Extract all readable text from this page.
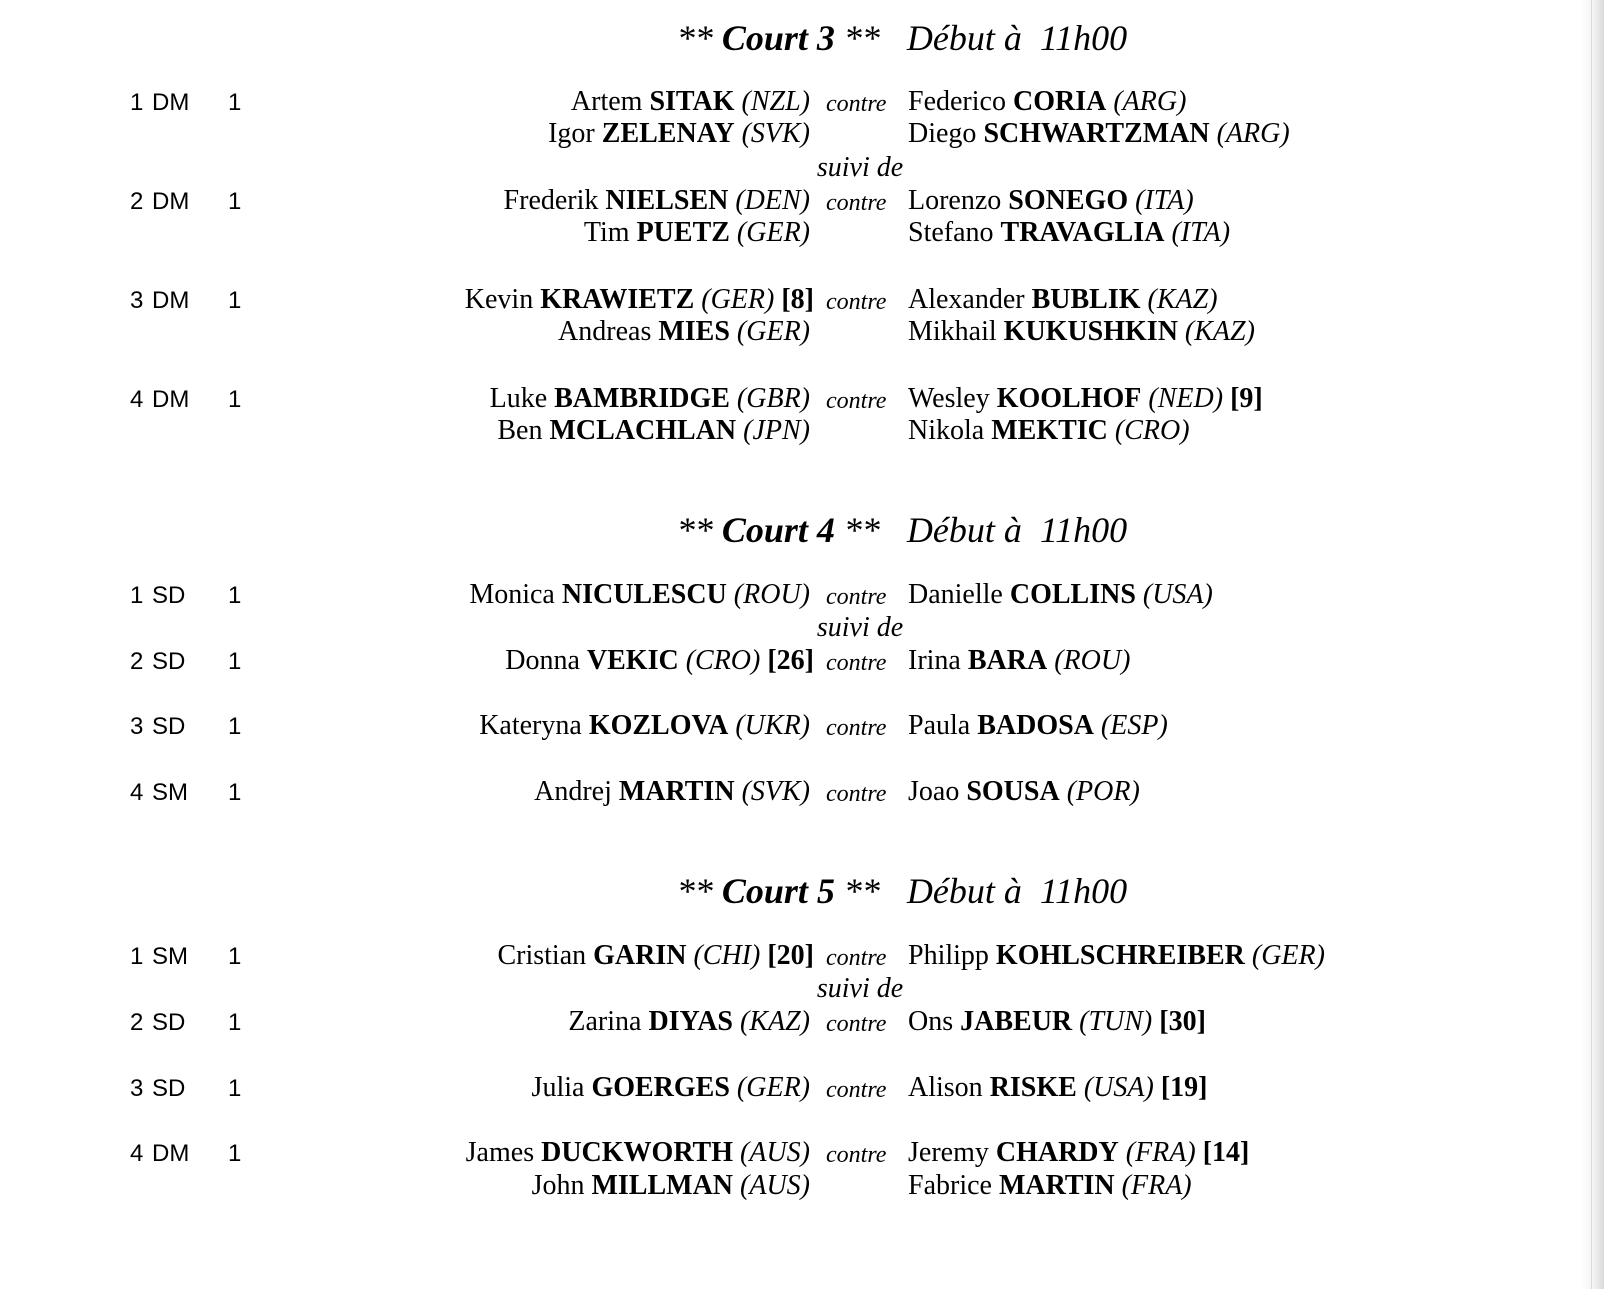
** Court 3 ** Début à  11h00
1 DM 1	contre
Artem SITAK (NZL)	Federico CORIA (ARG)
Igor ZELENAY (SVK)	Diego SCHWARTZMAN (ARG)
suivi de
2 DM 1	contre
Frederik NIELSEN (DEN)	Lorenzo SONEGO (ITA)
Tim PUETZ (GER)	Stefano TRAVAGLIA (ITA)
3 DM 1	contre
Kevin KRAWIETZ (GER) [8]	Alexander BUBLIK (KAZ)
Andreas MIES (GER)	Mikhail KUKUSHKIN (KAZ)
4 DM 1	contre
Luke BAMBRIDGE (GBR)	Wesley KOOLHOF (NED) [9]
Ben MCLACHLAN (JPN)	Nikola MEKTIC (CRO)
** Court 4 ** Début à  11h00
1 SD 1	contre
Monica NICULESCU (ROU)	Danielle COLLINS (USA)
suivi de
2 SD 1	contre
Donna VEKIC (CRO) [26]	Irina BARA (ROU)
3 SD 1	contre
Kateryna KOZLOVA (UKR)	Paula BADOSA (ESP)
4 SM 1	contre
Andrej MARTIN (SVK)	Joao SOUSA (POR)
** Court 5 ** Début à  11h00
1 SM 1	contre
Cristian GARIN (CHI) [20]	Philipp KOHLSCHREIBER (GER)
suivi de
2 SD 1	contre
Zarina DIYAS (KAZ)	Ons JABEUR (TUN) [30]
3 SD 1	contre
Julia GOERGES (GER)	Alison RISKE (USA) [19]
4 DM 1	contre
James DUCKWORTH (AUS)	Jeremy CHARDY (FRA) [14]
John MILLMAN (AUS)	Fabrice MARTIN (FRA)
